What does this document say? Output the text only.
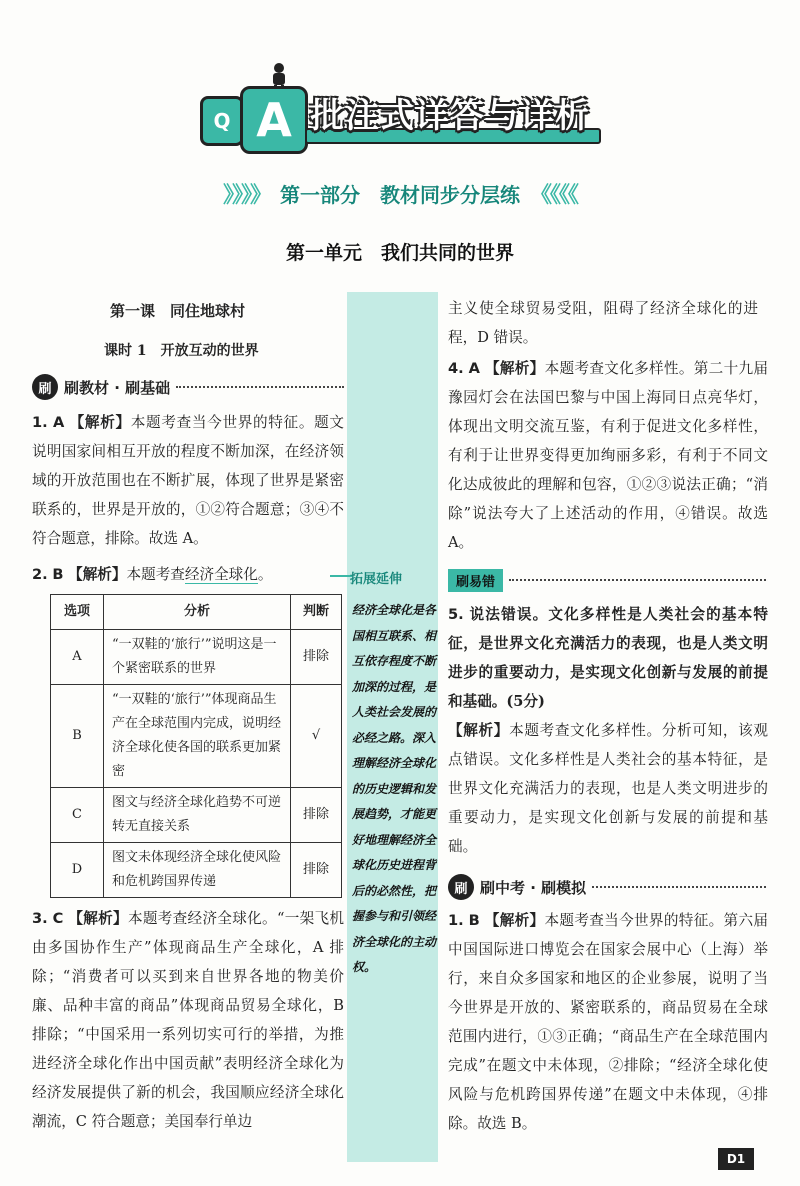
Q A 批注式详答与详析
》》》》 第一部分　教材同步分层练 《《《《
第一单元　我们共同的世界
第一课　同住地球村
课时 1　开放互动的世界
刷 刷教材 · 刷基础
1. A 【解析】本题考查当今世界的特征。题文说明国家间相互开放的程度不断加深，在经济领域的开放范围也在不断扩展，体现了世界是紧密联系的，世界是开放的，①②符合题意；③④不符合题意，排除。故选 A。
2. B 【解析】本题考查经济全球化。
选项	分析	判断
A	“一双鞋的‘旅行’”说明这是一个紧密联系的世界	排除
B	“一双鞋的‘旅行’”体现商品生产在全球范围内完成，说明经济全球化使各国的联系更加紧密	√
C	图文与经济全球化趋势不可逆转无直接关系	排除
D	图文未体现经济全球化使风险和危机跨国界传递	排除
3. C 【解析】本题考查经济全球化。“一架飞机由多国协作生产”体现商品生产全球化，A 排除；“消费者可以买到来自世界各地的物美价廉、品种丰富的商品”体现商品贸易全球化，B 排除；“中国采用一系列切实可行的举措，为推进经济全球化作出中国贡献”表明经济全球化为经济发展提供了新的机会，我国顺应经济全球化潮流，C 符合题意；美国奉行单边
拓展延伸
经济全球化是各国相互联系、相互依存程度不断加深的过程，是人类社会发展的必经之路。深入理解经济全球化的历史逻辑和发展趋势，才能更好地理解经济全球化历史进程背后的必然性，把握参与和引领经济全球化的主动权。
主义使全球贸易受阻，阻碍了经济全球化的进程，D 错误。
4. A 【解析】本题考查文化多样性。第二十九届豫园灯会在法国巴黎与中国上海同日点亮华灯，体现出文明交流互鉴，有利于促进文化多样性，有利于让世界变得更加绚丽多彩，有利于不同文化达成彼此的理解和包容，①②③说法正确；“消除”说法夸大了上述活动的作用，④错误。故选 A。
刷易错
5. 说法错误。文化多样性是人类社会的基本特征，是世界文化充满活力的表现，也是人类文明进步的重要动力，是实现文化创新与发展的前提和基础。(5分)
【解析】本题考查文化多样性。分析可知，该观点错误。文化多样性是人类社会的基本特征，是世界文化充满活力的表现，也是人类文明进步的重要动力，是实现文化创新与发展的前提和基础。
刷 刷中考 · 刷模拟
1. B 【解析】本题考查当今世界的特征。第六届中国国际进口博览会在国家会展中心（上海）举行，来自众多国家和地区的企业参展，说明了当今世界是开放的、紧密联系的，商品贸易在全球范围内进行，①③正确；“商品生产在全球范围内完成”在题文中未体现，②排除；“经济全球化使风险与危机跨国界传递”在题文中未体现，④排除。故选 B。
D1
